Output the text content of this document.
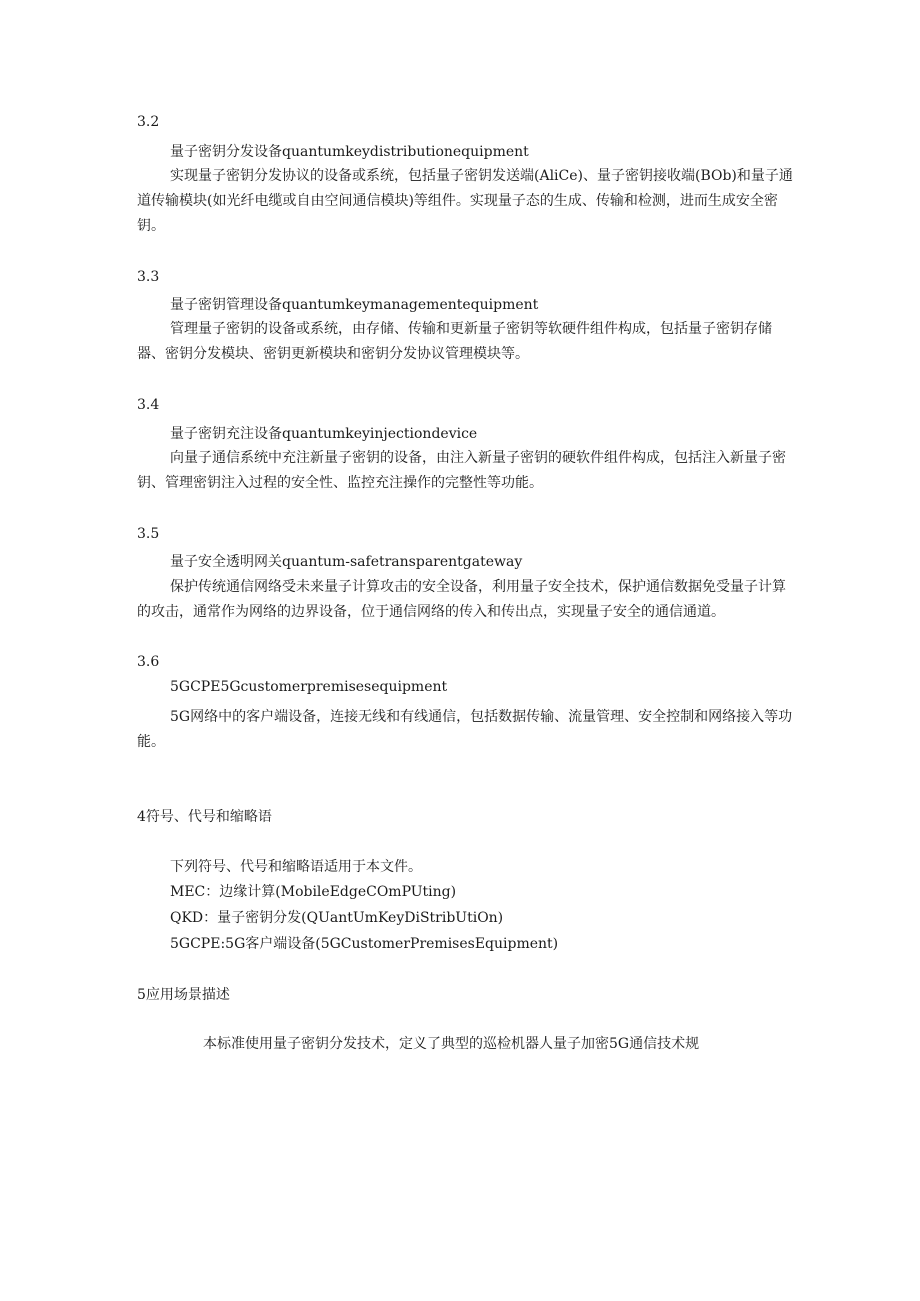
3.2

量子密钥分发设备quantumkeydistributionequipment

实现量子密钥分发协议的设备或系统，包括量子密钥发送端(AliCe)、量子密钥接收端(BOb)和量子通

道传输模块(如光纤电缆或自由空间通信模块)等组件。实现量子态的生成、传输和检测，进而生成安全密

钥。

3.3

量子密钥管理设备quantumkeymanagementequipment

管理量子密钥的设备或系统，由存储、传输和更新量子密钥等软硬件组件构成，包括量子密钥存储

器、密钥分发模块、密钥更新模块和密钥分发协议管理模块等。

3.4

量子密钥充注设备quantumkeyinjectiondevice

向量子通信系统中充注新量子密钥的设备，由注入新量子密钥的硬软件组件构成，包括注入新量子密

钥、管理密钥注入过程的安全性、监控充注操作的完整性等功能。

3.5

量子安全透明网关quantum-safetransparentgateway

保护传统通信网络受未来量子计算攻击的安全设备，利用量子安全技术，保护通信数据免受量子计算

的攻击，通常作为网络的边界设备，位于通信网络的传入和传出点，实现量子安全的通信通道。

3.6

5GCPE5Gcustomerpremisesequipment

5G网络中的客户端设备，连接无线和有线通信，包括数据传输、流量管理、安全控制和网络接入等功

能。

4符号、代号和缩略语

下列符号、代号和缩略语适用于本文件。

MEC：边缘计算(MobileEdgeCOmPUting)

QKD：量子密钥分发(QUantUmKeyDiStribUtiOn)

5GCPE:5G客户端设备(5GCustomerPremisesEquipment)

5应用场景描述

本标准使用量子密钥分发技术，定义了典型的巡检机器人量子加密5G通信技术规
